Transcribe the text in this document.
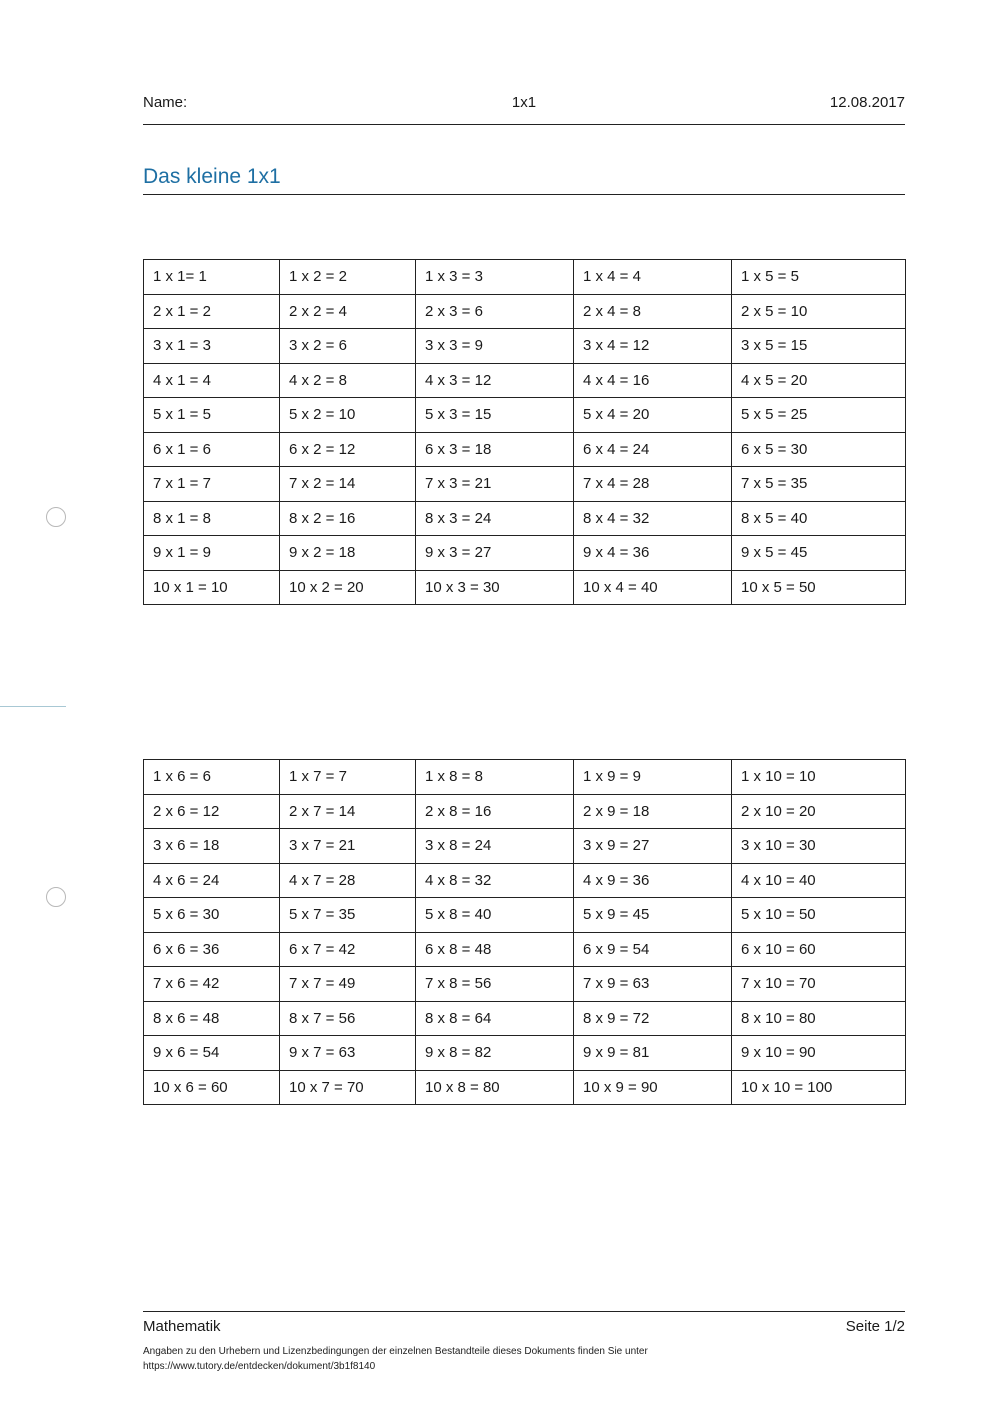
Name:	1x1	12.08.2017
Das kleine 1x1
1 x 1= 1	1 x 2 = 2	1 x 3 = 3	1 x 4 = 4	1 x 5 = 5
2 x 1 = 2	2 x 2 = 4	2 x 3 = 6	2 x 4 = 8	2 x 5 = 10
3 x 1 = 3	3 x 2 = 6	3 x 3 = 9	3 x 4 = 12	3 x 5 = 15
4 x 1 = 4	4 x 2 = 8	4 x 3 = 12	4 x 4 = 16	4 x 5 = 20
5 x 1 = 5	5 x 2 = 10	5 x 3 = 15	5 x 4 = 20	5 x 5 = 25
6 x 1 = 6	6 x 2 = 12	6 x 3 = 18	6 x 4 = 24	6 x 5 = 30
7 x 1 = 7	7 x 2 = 14	7 x 3 = 21	7 x 4 = 28	7 x 5 = 35
8 x 1 = 8	8 x 2 = 16	8 x 3 = 24	8 x 4 = 32	8 x 5 = 40
9 x 1 = 9	9 x 2 = 18	9 x 3 = 27	9 x 4 = 36	9 x 5 = 45
10 x 1 = 10	10 x 2 = 20	10 x 3 = 30	10 x 4 = 40	10 x 5 = 50
1 x 6 = 6	1 x 7 = 7	1 x 8 = 8	1 x 9 = 9	1 x 10 = 10
2 x 6 = 12	2 x 7 = 14	2 x 8 = 16	2 x 9 = 18	2 x 10 = 20
3 x 6 = 18	3 x 7 = 21	3 x 8 = 24	3 x 9 = 27	3 x 10 = 30
4 x 6 = 24	4 x 7 = 28	4 x 8 = 32	4 x 9 = 36	4 x 10 = 40
5 x 6 = 30	5 x 7 = 35	5 x 8 = 40	5 x 9 = 45	5 x 10 = 50
6 x 6 = 36	6 x 7 = 42	6 x 8 = 48	6 x 9 = 54	6 x 10 = 60
7 x 6 = 42	7 x 7 = 49	7 x 8 = 56	7 x 9 = 63	7 x 10 = 70
8 x 6 = 48	8 x 7 = 56	8 x 8 = 64	8 x 9 = 72	8 x 10 = 80
9 x 6 = 54	9 x 7 = 63	9 x 8 = 82	9 x 9 = 81	9 x 10 = 90
10 x 6 = 60	10 x 7 = 70	10 x 8 = 80	10 x 9 = 90	10 x 10 = 100
Mathematik	Seite 1/2
Angaben zu den Urhebern und Lizenzbedingungen der einzelnen Bestandteile dieses Dokuments finden Sie unter
https://www.tutory.de/entdecken/dokument/3b1f8140
